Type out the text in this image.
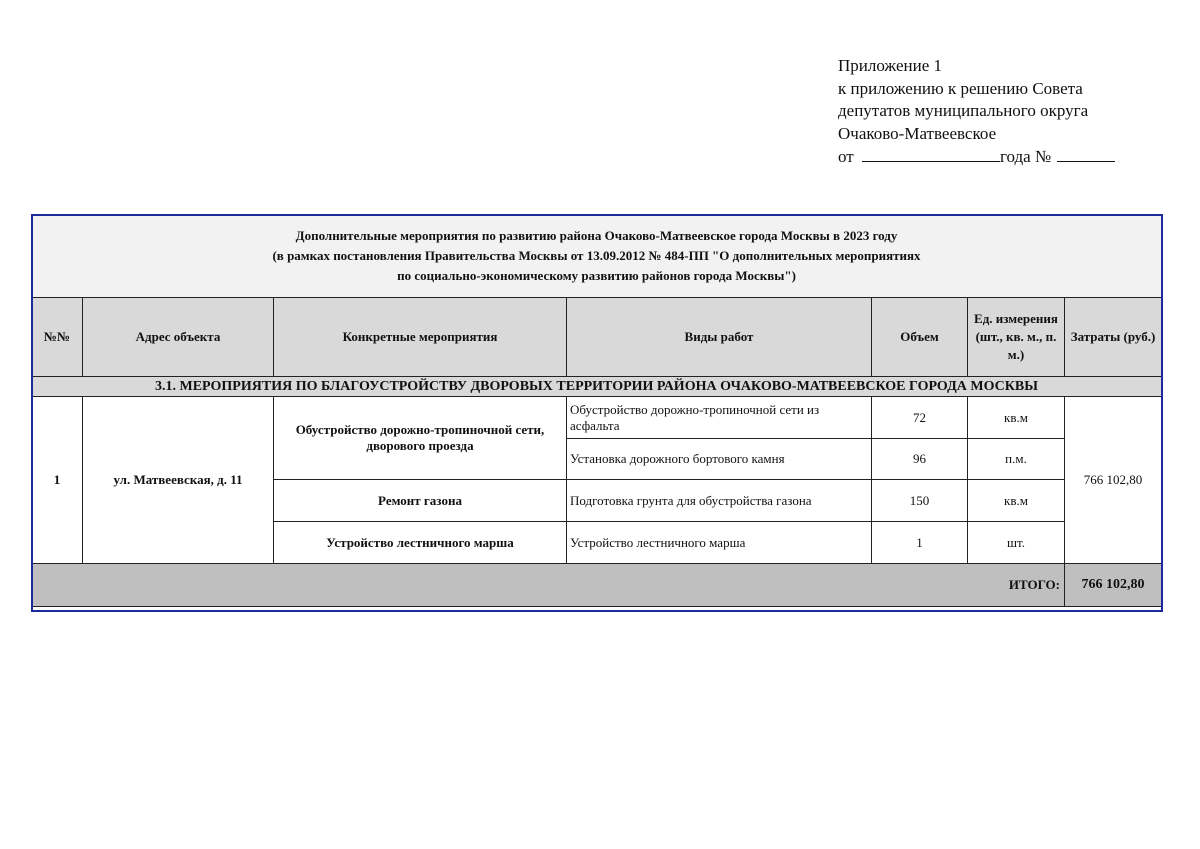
Приложение 1
к приложению к решению Совета
депутатов муниципального округа
Очаково-Матвеевское
от	года №
Дополнительные мероприятия по развитию района Очаково-Матвеевское города Москвы в 2023 году
(в рамках постановления Правительства Москвы от 13.09.2012 № 484-ПП "О дополнительных мероприятиях
по социально-экономическому развитию районов города Москвы")						

№№	Адрес объекта	Конкретные мероприятия	Виды работ	Объем	Ед. измерения (шт., кв. м., п. м.)	Затраты (руб.)
3.1. МЕРОПРИЯТИЯ ПО БЛАГОУСТРОЙСТВУ ДВОРОВЫХ ТЕРРИТОРИИ РАЙОНА ОЧАКОВО-МАТВЕЕВСКОЕ ГОРОДА МОСКВЫ						
1	ул. Матвеевская, д. 11	Обустройство дорожно-тропиночной сети, дворового проезда	Обустройство дорожно-тропиночной сети из асфальта	72	кв.м	766 102,80
			Установка дорожного бортового камня	96	п.м.	
		Ремонт газона	Подготовка грунта для обустройства газона	150	кв.м	
		Устройство лестничного марша	Устройство лестничного марша	1	шт.	
ИТОГО:						766 102,80
